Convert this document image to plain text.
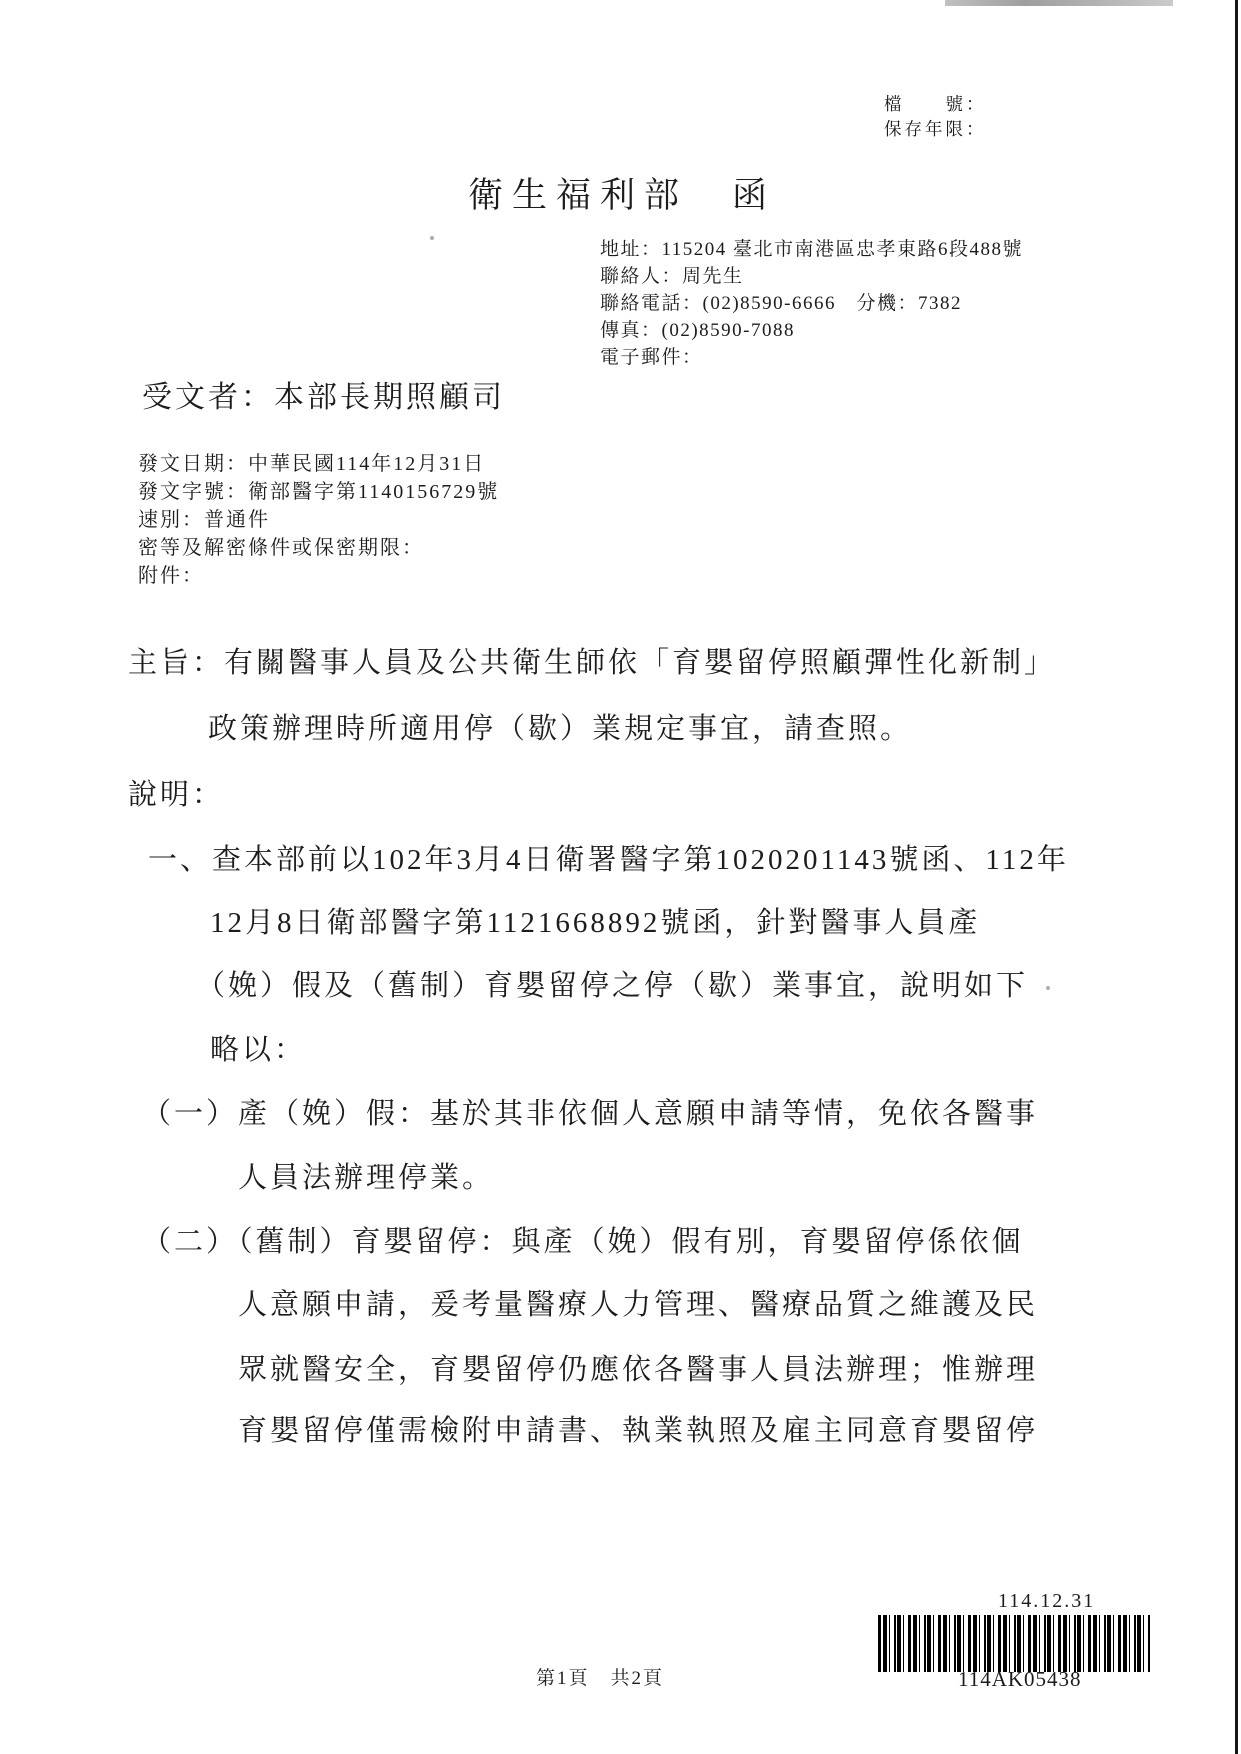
檔　　號：
保存年限：
衛生福利部　函
地址：115204 臺北市南港區忠孝東路6段488號
聯絡人：周先生
聯絡電話：(02)8590-6666　分機：7382
傳真：(02)8590-7088
電子郵件：
受文者：本部長期照顧司
發文日期：中華民國114年12月31日
發文字號：衛部醫字第1140156729號
速別：普通件
密等及解密條件或保密期限：
附件：
主旨：有關醫事人員及公共衛生師依「育嬰留停照顧彈性化新制」
政策辦理時所適用停（歇）業規定事宜，請查照。
說明：
一、查本部前以102年3月4日衛署醫字第1020201143號函、112年
12月8日衛部醫字第1121668892號函，針對醫事人員產
（娩）假及（舊制）育嬰留停之停（歇）業事宜，說明如下
略以：
（一）產（娩）假：基於其非依個人意願申請等情，免依各醫事
人員法辦理停業。
（二）（舊制）育嬰留停：與產（娩）假有別，育嬰留停係依個
人意願申請，爰考量醫療人力管理、醫療品質之維護及民
眾就醫安全，育嬰留停仍應依各醫事人員法辦理；惟辦理
育嬰留停僅需檢附申請書、執業執照及雇主同意育嬰留停
114.12.31
114AK05438
第1頁　共2頁
